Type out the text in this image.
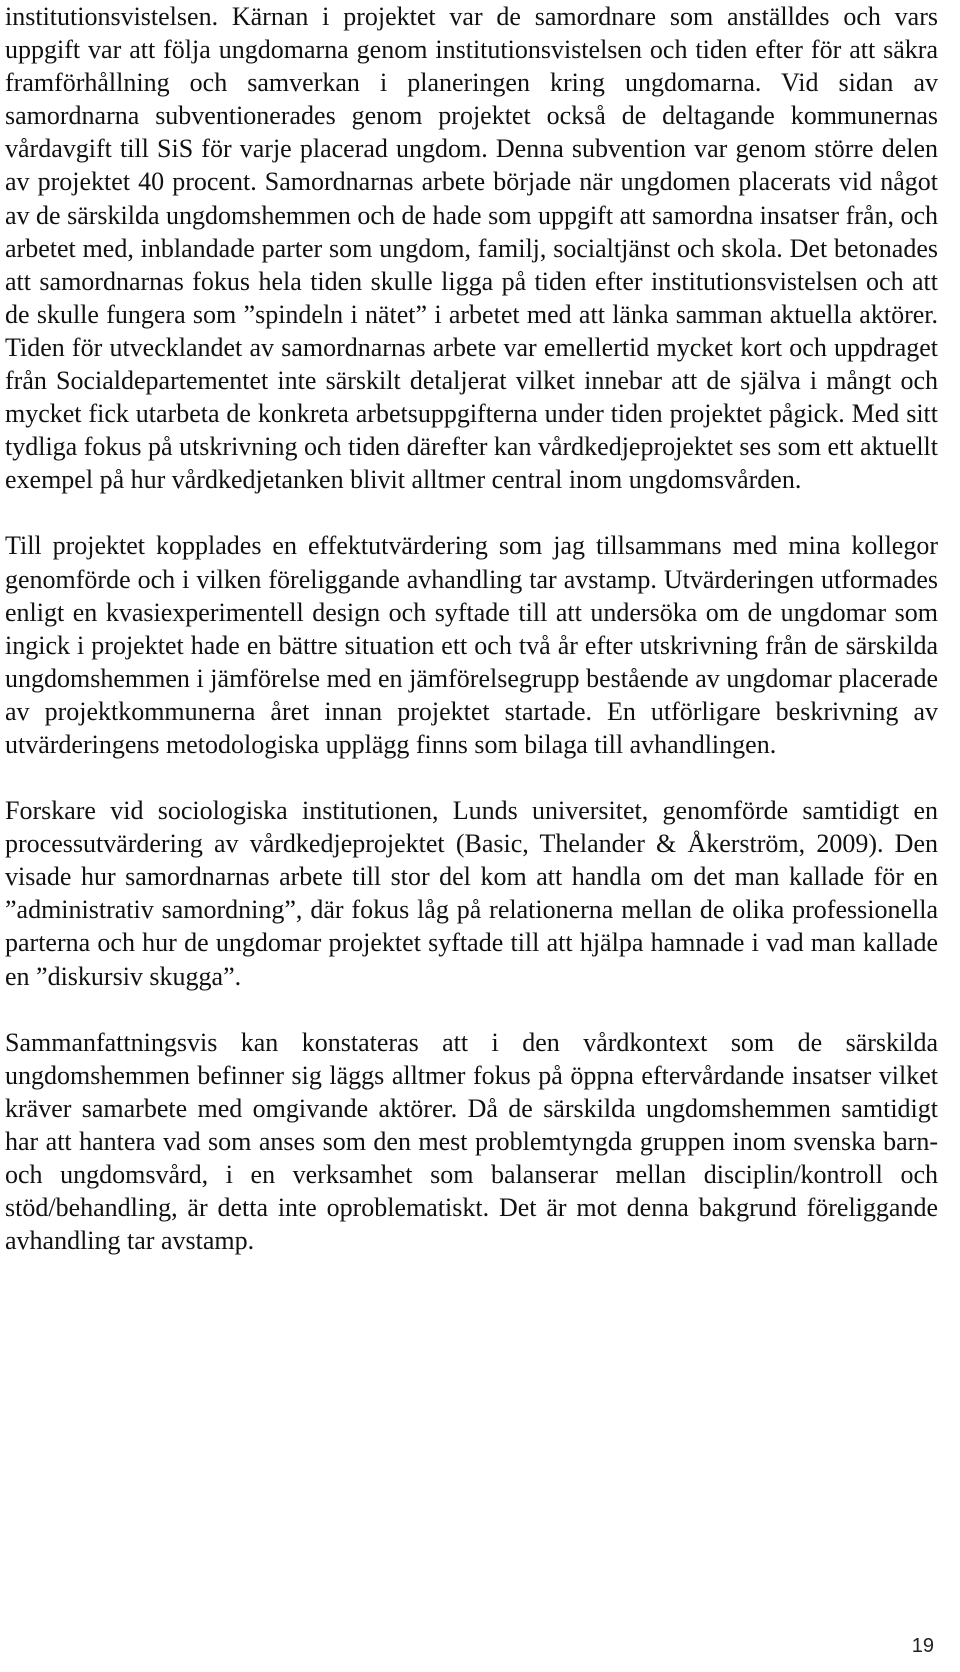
institutionsvistelsen. Kärnan i projektet var de samordnare som anställdes och vars uppgift var att följa ungdomarna genom institutionsvistelsen och tiden efter för att säkra framförhållning och samverkan i planeringen kring ungdomarna. Vid sidan av samordnarna subventionerades genom projektet också de deltagande kommunernas vårdavgift till SiS för varje placerad ungdom. Denna subvention var genom större delen av projektet 40 procent. Samordnarnas arbete började när ungdomen placerats vid något av de särskilda ungdomshemmen och de hade som uppgift att samordna insatser från, och arbetet med, inblandade parter som ungdom, familj, socialtjänst och skola. Det betonades att samordnarnas fokus hela tiden skulle ligga på tiden efter institutionsvistelsen och att de skulle fungera som ”spindeln i nätet” i arbetet med att länka samman aktuella aktörer. Tiden för utvecklandet av samordnarnas arbete var emellertid mycket kort och uppdraget från Socialdepartementet inte särskilt detaljerat vilket innebar att de själva i mångt och mycket fick utarbeta de konkreta arbetsuppgifterna under tiden projektet pågick. Med sitt tydliga fokus på utskrivning och tiden därefter kan vårdkedjeprojektet ses som ett aktuellt exempel på hur vårdkedjetanken blivit alltmer central inom ungdomsvården.

Till projektet kopplades en effektutvärdering som jag tillsammans med mina kollegor genomförde och i vilken föreliggande avhandling tar avstamp. Utvärderingen utformades enligt en kvasiexperimentell design och syftade till att undersöka om de ungdomar som ingick i projektet hade en bättre situation ett och två år efter utskrivning från de särskilda ungdomshemmen i jämförelse med en jämförelsegrupp bestående av ungdomar placerade av projektkommunerna året innan projektet startade. En utförligare beskrivning av utvärderingens metodologiska upplägg finns som bilaga till avhandlingen.

Forskare vid sociologiska institutionen, Lunds universitet, genomförde samtidigt en processutvärdering av vårdkedjeprojektet (Basic, Thelander & Åkerström, 2009). Den visade hur samordnarnas arbete till stor del kom att handla om det man kallade för en ”administrativ samordning”, där fokus låg på relationerna mellan de olika professionella parterna och hur de ungdomar projektet syftade till att hjälpa hamnade i vad man kallade en ”diskursiv skugga”.

Sammanfattningsvis kan konstateras att i den vårdkontext som de särskilda ungdomshemmen befinner sig läggs alltmer fokus på öppna eftervårdande insatser vilket kräver samarbete med omgivande aktörer. Då de särskilda ungdomshemmen samtidigt har att hantera vad som anses som den mest problemtyngda gruppen inom svenska barn- och ungdomsvård, i en verksamhet som balanserar mellan disciplin/kontroll och stöd/behandling, är detta inte oproblematiskt. Det är mot denna bakgrund föreliggande avhandling tar avstamp.

19
